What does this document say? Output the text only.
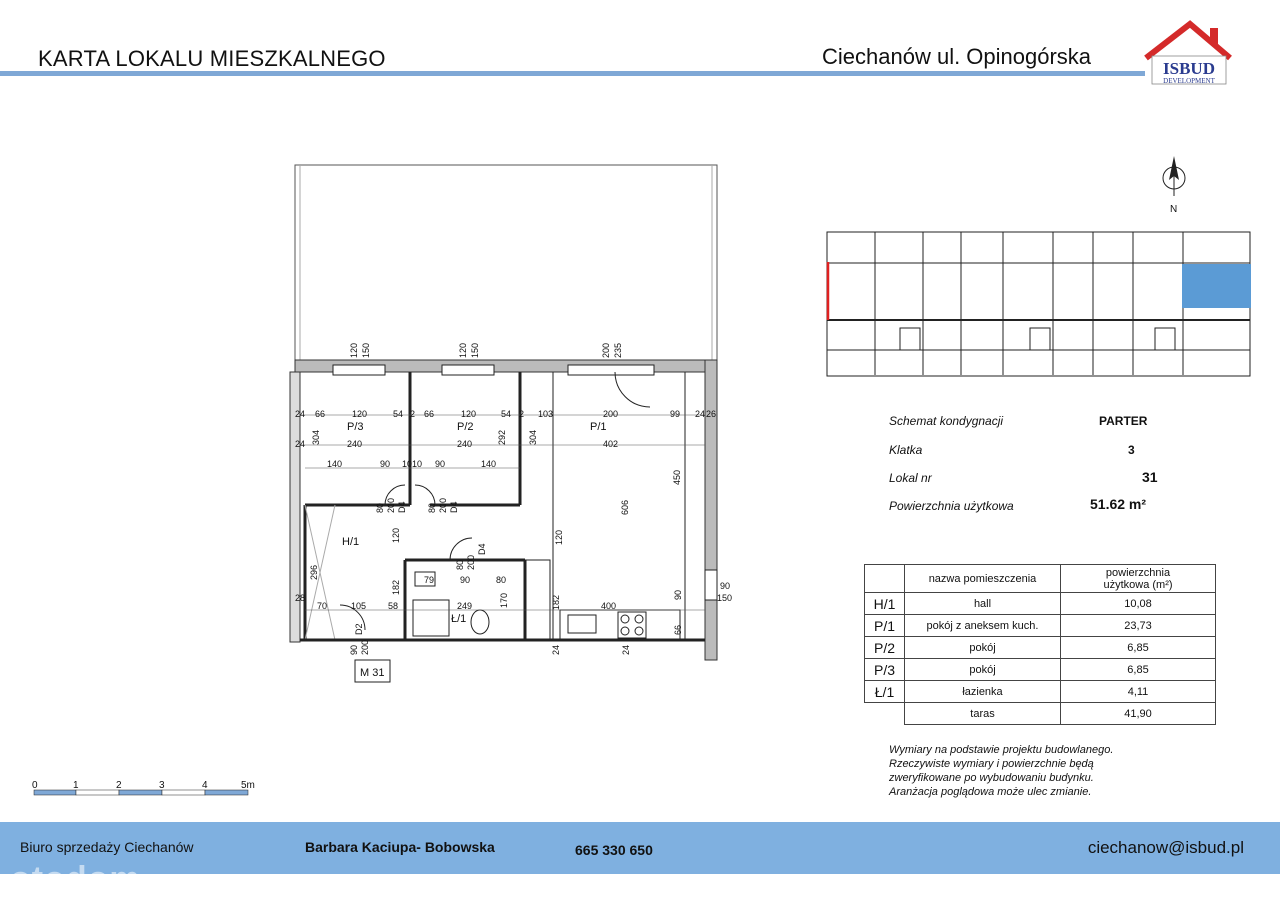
KARTA LOKALU MIESZKALNEGO	Ciechanów ul. Opinogórska	ISBUD
DEVELOPMENT
120 150	120 150	200 235
24 66	120	54 2 66	120	54 2 103	200	99 24 26
P/3	P/2	P/1
24	240	240	402
140	90 10 10 90	140
304	292 304
450
606
80 200 D4 80 200 D4
80 200
D4
120	120
H/1
296
182
182
170
79	90	80
28
70	105 58	249	400
Ł/1
24	24
66
90
90
150
90 200
D2
M 31
N
Schemat kondygnacji	PARTER
Klatka	3
Lokal nr	31
Powierzchnia użytkowa	51.62 m²
	nazwa pomieszczenia	powierzchnia
użytkowa (m²)

H/1	hall	10,08
P/1	pokój z aneksem kuch.	23,73
P/2	pokój	6,85
P/3	pokój	6,85
Ł/1	łazienka	4,11
	taras	41,90
Wymiary na podstawie projektu budowlanego.
Rzeczywiste wymiary i powierzchnie będą
zweryfikowane po wybudowaniu budynku.
Aranżacja poglądowa może ulec zmianie.
0	1	2	3	4	5m
Biuro sprzedaży Ciechanów	Barbara Kaciupa- Bobowska	665 330 650	ciechanow@isbud.pl
otodom
